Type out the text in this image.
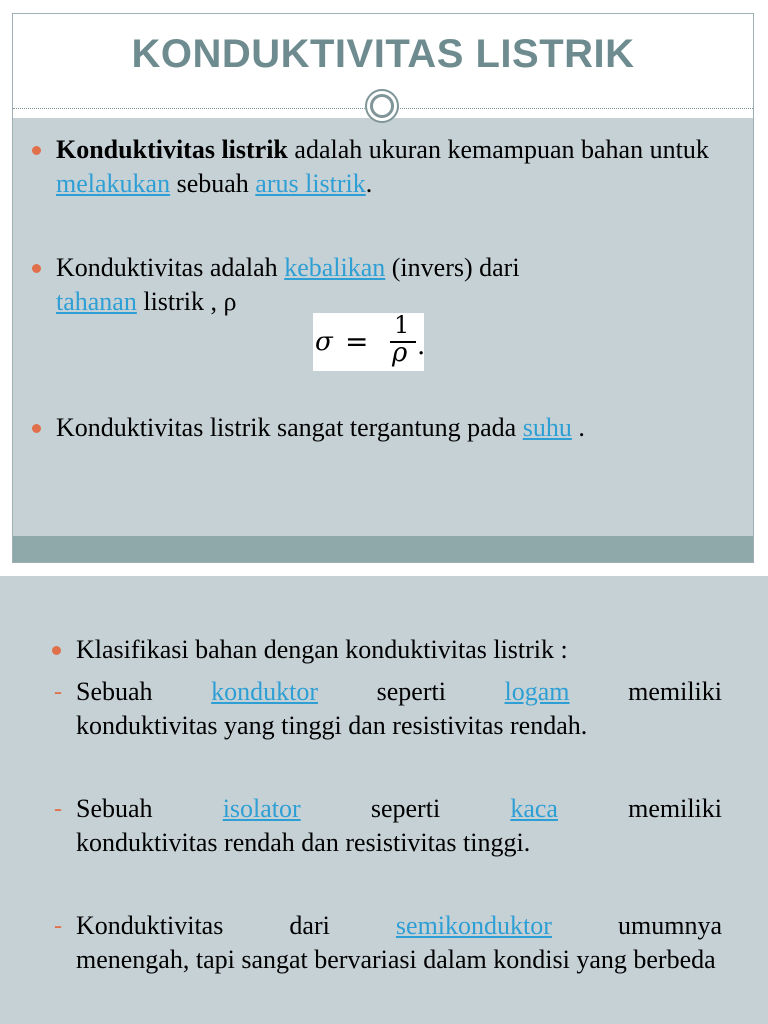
KONDUKTIVITAS LISTRIK
Konduktivitas listrik adalah ukuran kemampuan bahan untuk melakukan sebuah arus listrik.
Konduktivitas adalah kebalikan (invers) dari
tahanan listrik , ρ
σ = 1
ρ .
Konduktivitas listrik sangat tergantung pada suhu .
Klasifikasi bahan dengan konduktivitas listrik :
- Sebuah konduktor seperti logam memiliki
konduktivitas yang tinggi dan resistivitas rendah.
- Sebuah	isolator	seperti	kaca	memiliki
konduktivitas rendah dan resistivitas tinggi.
- Konduktivitas	dari	semikonduktor	umumnya
menengah, tapi sangat bervariasi dalam kondisi yang berbeda
